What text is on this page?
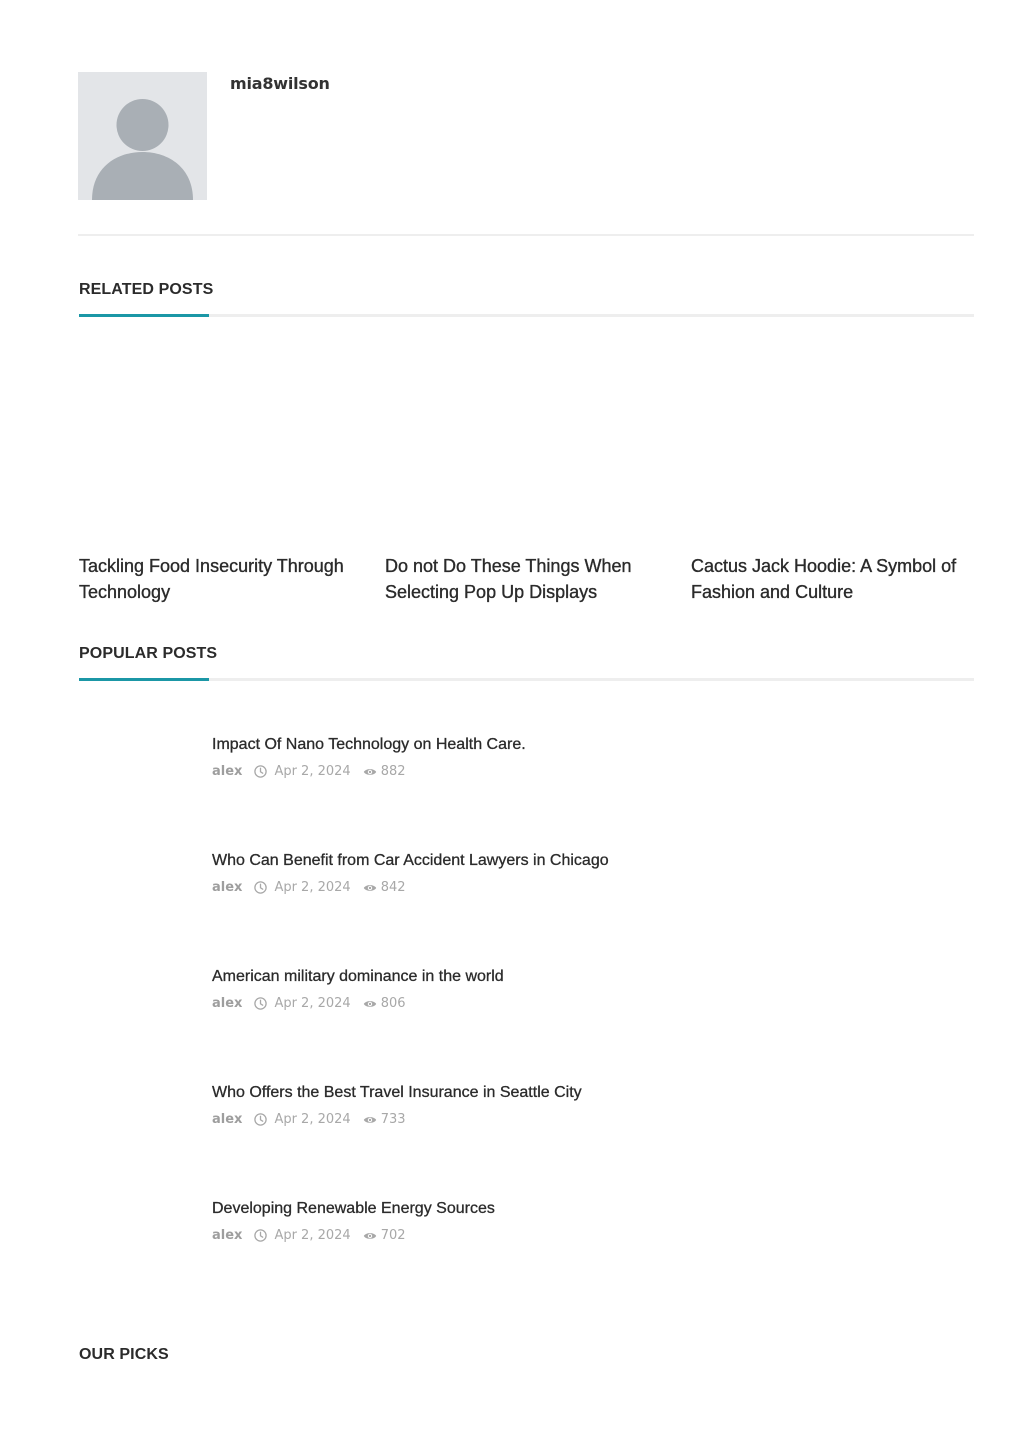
mia8wilson
RELATED POSTS
Tackling Food Insecurity Through Technology
Do not Do These Things When Selecting Pop Up Displays
Cactus Jack Hoodie: A Symbol of Fashion and Culture
POPULAR POSTS
Impact Of Nano Technology on Health Care.
alex Apr 2, 2024 882
Who Can Benefit from Car Accident Lawyers in Chicago
alex Apr 2, 2024 842
American military dominance in the world
alex Apr 2, 2024 806
Who Offers the Best Travel Insurance in Seattle City
alex Apr 2, 2024 733
Developing Renewable Energy Sources
alex Apr 2, 2024 702
OUR PICKS
